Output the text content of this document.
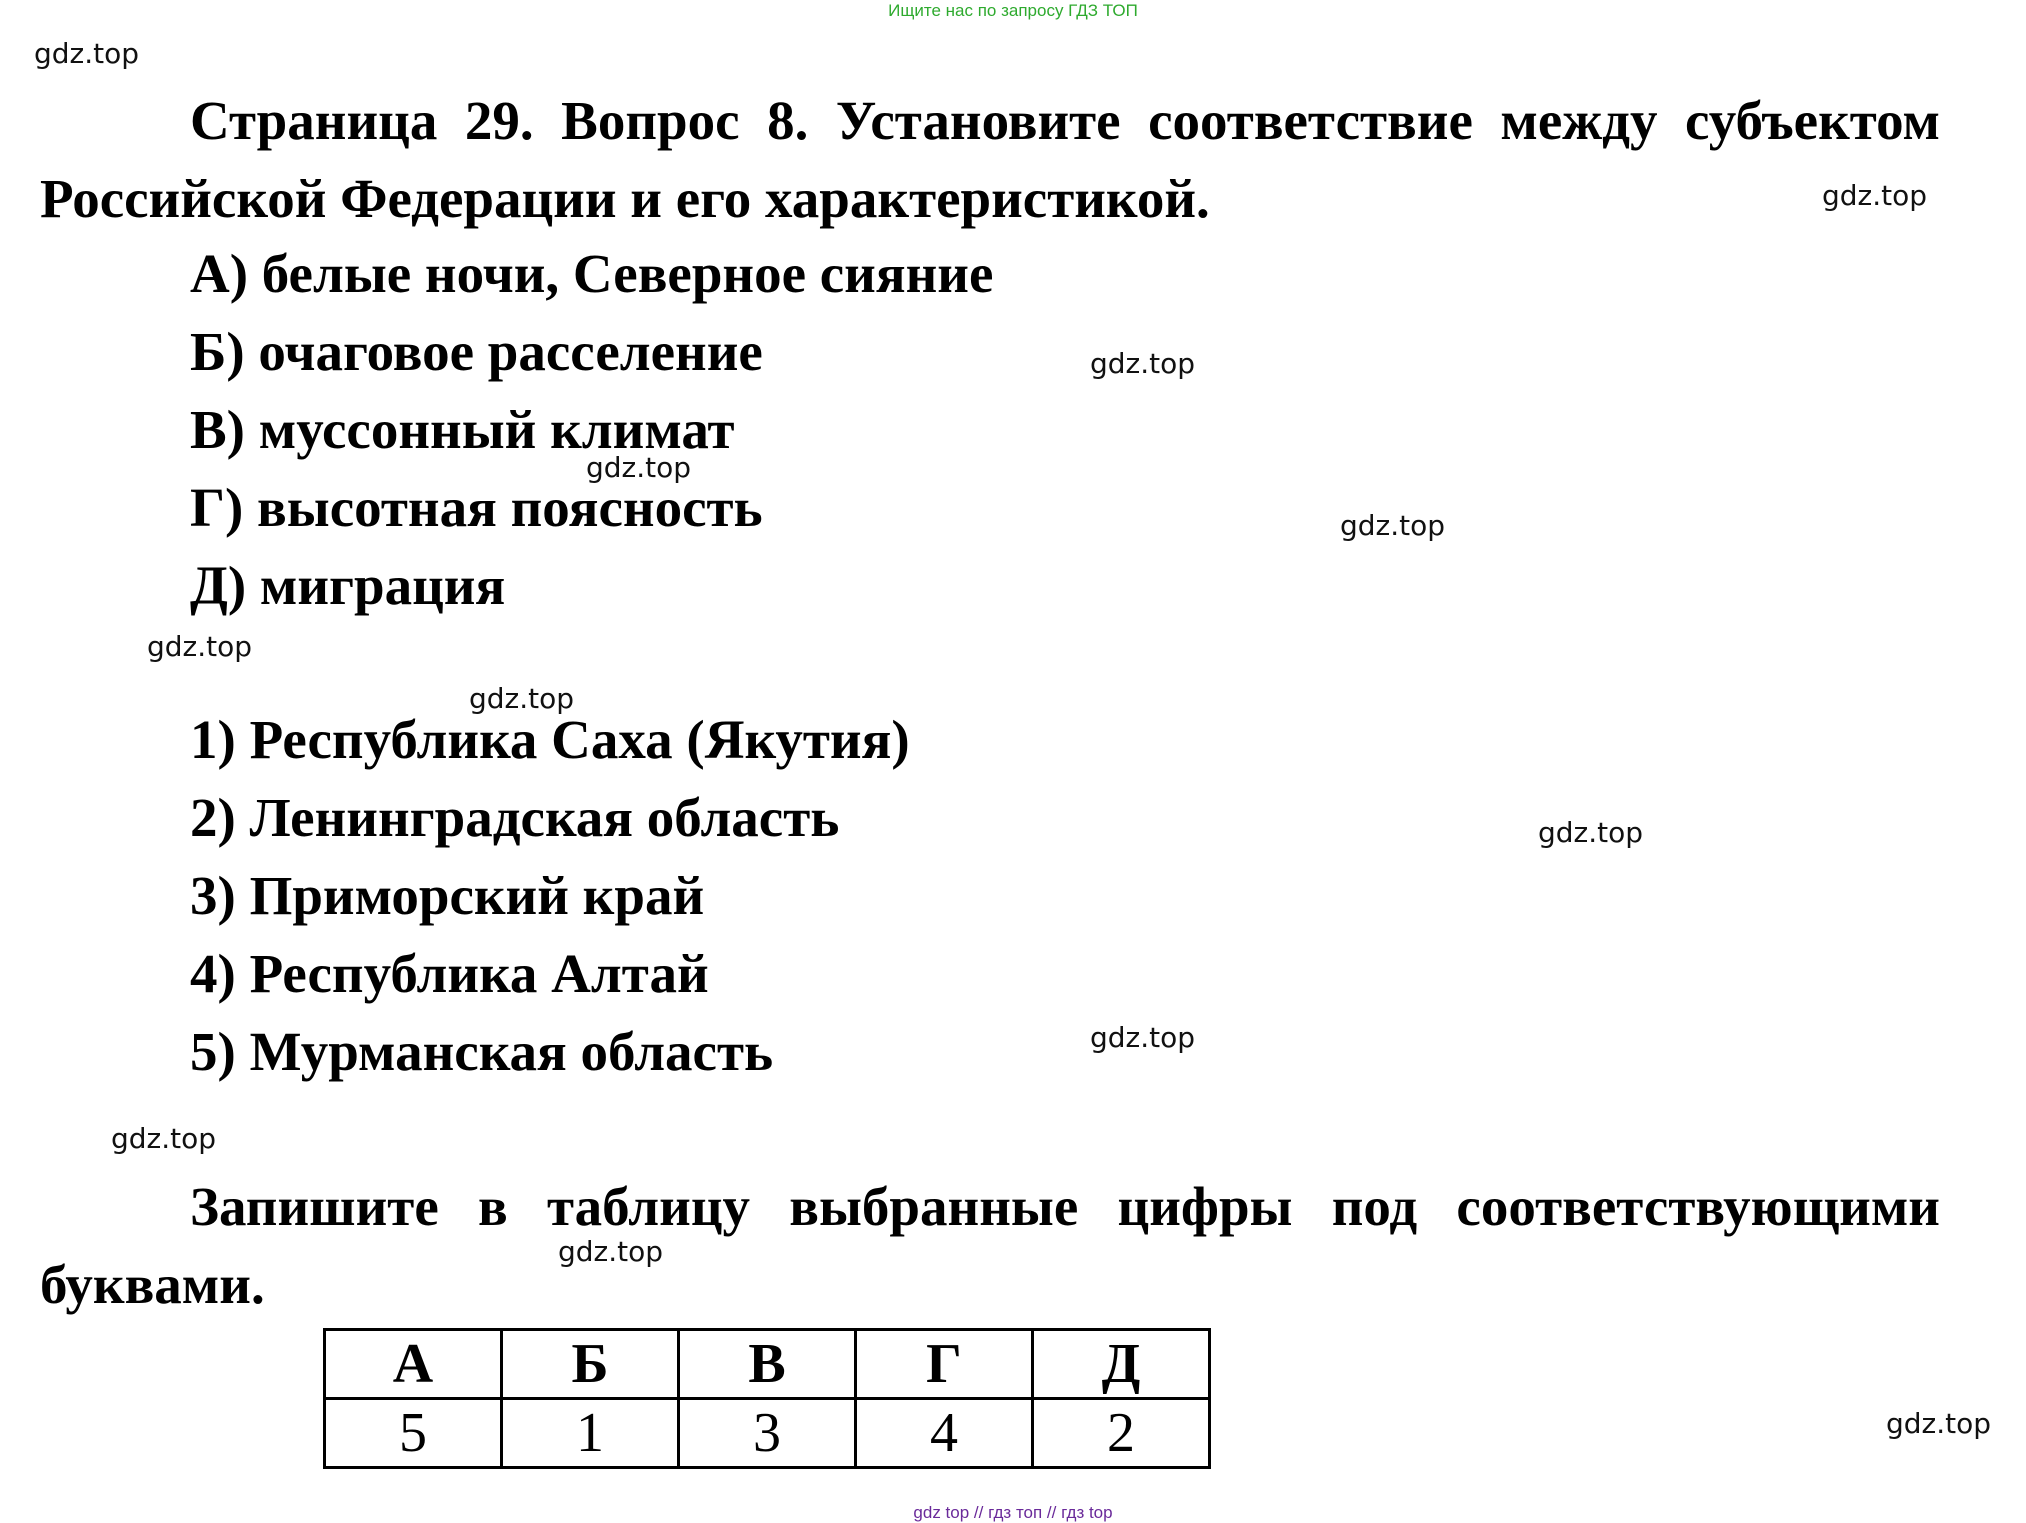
Ищите нас по запросу ГДЗ ТОП
gdz.top
gdz.top
gdz.top
gdz.top
gdz.top
gdz.top
gdz.top
gdz.top
gdz.top
gdz.top
gdz.top
gdz.top
Страница 29. Вопрос 8. Установите соответствие между субъектом Российской Федерации и его характеристикой.
А) белые ночи, Северное сияние
Б) очаговое расселение
В) муссонный климат
Г) высотная поясность
Д) миграция
1) Республика Саха (Якутия)
2) Ленинградская область
3) Приморский край
4) Республика Алтай
5) Мурманская область
Запишите в таблицу выбранные цифры под соответствующими буквами.
А	Б	В	Г	Д
5	1	3	4	2
gdz top // гдз топ // гдз top
